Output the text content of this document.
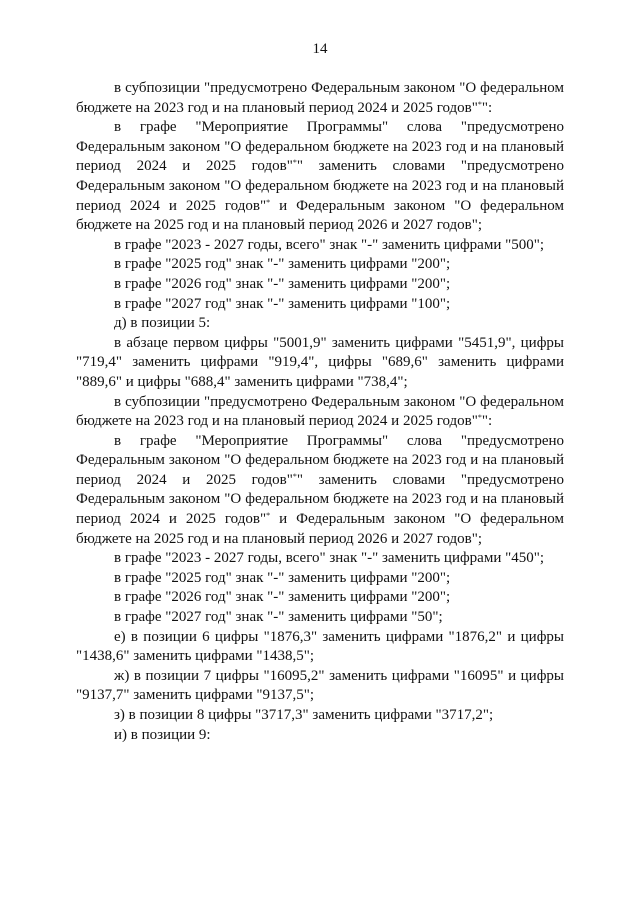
14

в субпозиции "предусмотрено Федеральным законом "О федеральном бюджете на 2023 год и на плановый период 2024 и 2025 годов"*":

в графе "Мероприятие Программы" слова "предусмотрено Федеральным законом "О федеральном бюджете на 2023 год и на плановый период 2024 и 2025 годов"*" заменить словами "предусмотрено Федеральным законом "О федеральном бюджете на 2023 год и на плановый период 2024 и 2025 годов"* и Федеральным законом "О федеральном бюджете на 2025 год и на плановый период 2026 и 2027 годов";

в графе "2023 - 2027 годы, всего" знак "-" заменить цифрами "500";

в графе "2025 год" знак "-" заменить цифрами "200";

в графе "2026 год" знак "-" заменить цифрами "200";

в графе "2027 год" знак "-" заменить цифрами "100";

д) в позиции 5:

в абзаце первом цифры "5001,9" заменить цифрами "5451,9", цифры "719,4" заменить цифрами "919,4", цифры "689,6" заменить цифрами "889,6" и цифры "688,4" заменить цифрами "738,4";

в субпозиции "предусмотрено Федеральным законом "О федеральном бюджете на 2023 год и на плановый период 2024 и 2025 годов"*":

в графе "Мероприятие Программы" слова "предусмотрено Федеральным законом "О федеральном бюджете на 2023 год и на плановый период 2024 и 2025 годов"*" заменить словами "предусмотрено Федеральным законом "О федеральном бюджете на 2023 год и на плановый период 2024 и 2025 годов"* и Федеральным законом "О федеральном бюджете на 2025 год и на плановый период 2026 и 2027 годов";

в графе "2023 - 2027 годы, всего" знак "-" заменить цифрами "450";

в графе "2025 год" знак "-" заменить цифрами "200";

в графе "2026 год" знак "-" заменить цифрами "200";

в графе "2027 год" знак "-" заменить цифрами "50";

е) в позиции 6 цифры "1876,3" заменить цифрами "1876,2" и цифры "1438,6" заменить цифрами "1438,5";

ж) в позиции 7 цифры "16095,2" заменить цифрами "16095" и цифры "9137,7" заменить цифрами "9137,5";

з) в позиции 8 цифры "3717,3" заменить цифрами "3717,2";

и) в позиции 9:
